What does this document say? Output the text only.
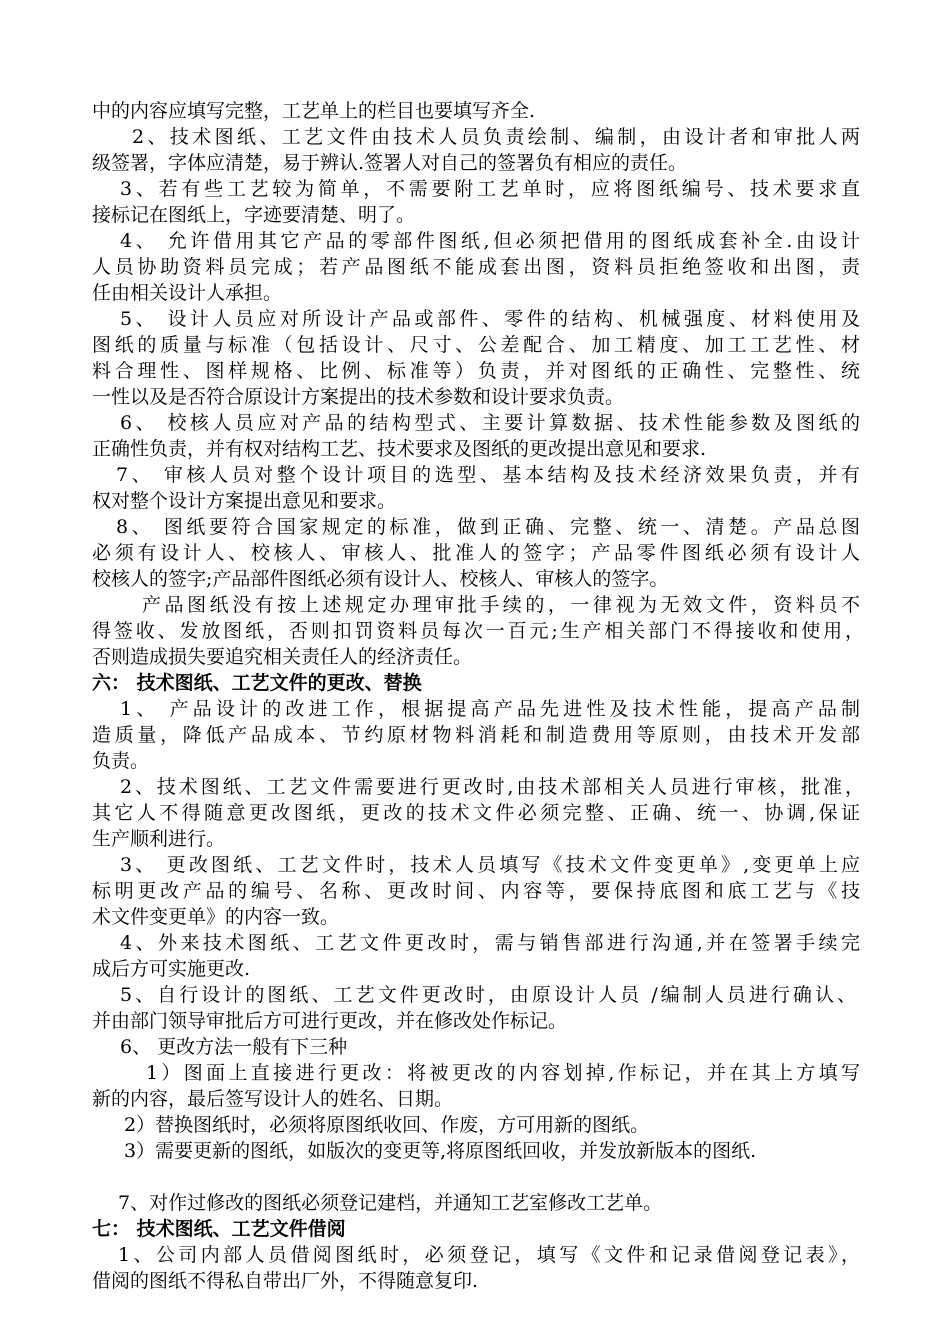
中的内容应填写完整，工艺单上的栏目也要填写齐全.
2、技术图纸、工艺文件由技术人员负责绘制、编制，由设计者和审批人两
级签署，字体应清楚，易于辨认.签署人对自己的签署负有相应的责任。
3、若有些工艺较为简单，不需要附工艺单时，应将图纸编号、技术要求直
接标记在图纸上，字迹要清楚、明了。
4、 允许借用其它产品的零部件图纸,但必须把借用的图纸成套补全.由设计
人员协助资料员完成；若产品图纸不能成套出图，资料员拒绝签收和出图，责
任由相关设计人承担。
5、 设计人员应对所设计产品或部件、零件的结构、机械强度、材料使用及
图纸的质量与标准（包括设计、尺寸、公差配合、加工精度、加工工艺性、材
料合理性、图样规格、比例、标准等）负责，并对图纸的正确性、完整性、统
一性以及是否符合原设计方案提出的技术参数和设计要求负责。
6、 校核人员应对产品的结构型式、主要计算数据、技术性能参数及图纸的
正确性负责，并有权对结构工艺、技术要求及图纸的更改提出意见和要求.
7、 审核人员对整个设计项目的选型、基本结构及技术经济效果负责，并有
权对整个设计方案提出意见和要求。
8、 图纸要符合国家规定的标准，做到正确、完整、统一、清楚。产品总图
必须有设计人、校核人、审核人、批准人的签字；产品零件图纸必须有设计人
校核人的签字;产品部件图纸必须有设计人、校核人、审核人的签字。
产品图纸没有按上述规定办理审批手续的，一律视为无效文件，资料员不
得签收、发放图纸，否则扣罚资料员每次一百元;生产相关部门不得接收和使用，
否则造成损失要追究相关责任人的经济责任。
六： 技术图纸、工艺文件的更改、替换
1、 产品设计的改进工作，根据提高产品先进性及技术性能，提高产品制
造质量，降低产品成本、节约原材物料消耗和制造费用等原则，由技术开发部
负责。
2、技术图纸、工艺文件需要进行更改时,由技术部相关人员进行审核，批准，
其它人不得随意更改图纸，更改的技术文件必须完整、正确、统一、协调,保证
生产顺利进行。
3、 更改图纸、工艺文件时，技术人员填写《技术文件变更单》,变更单上应
标明更改产品的编号、名称、更改时间、内容等，要保持底图和底工艺与《技
术文件变更单》的内容一致。
4、外来技术图纸、工艺文件更改时，需与销售部进行沟通,并在签署手续完
成后方可实施更改.
5、自行设计的图纸、工艺文件更改时，由原设计人员 /编制人员进行确认、
并由部门领导审批后方可进行更改，并在修改处作标记。
6、 更改方法一般有下三种
1）图面上直接进行更改：将被更改的内容划掉,作标记，并在其上方填写
新的内容，最后签写设计人的姓名、日期。
2）替换图纸时，必须将原图纸收回、作废，方可用新的图纸。
3）需要更新的图纸，如版次的变更等,将原图纸回收，并发放新版本的图纸.
7、对作过修改的图纸必须登记建档，并通知工艺室修改工艺单。
七： 技术图纸、工艺文件借阅
1、公司内部人员借阅图纸时，必须登记，填写《文件和记录借阅登记表》，
借阅的图纸不得私自带出厂外，不得随意复印.
